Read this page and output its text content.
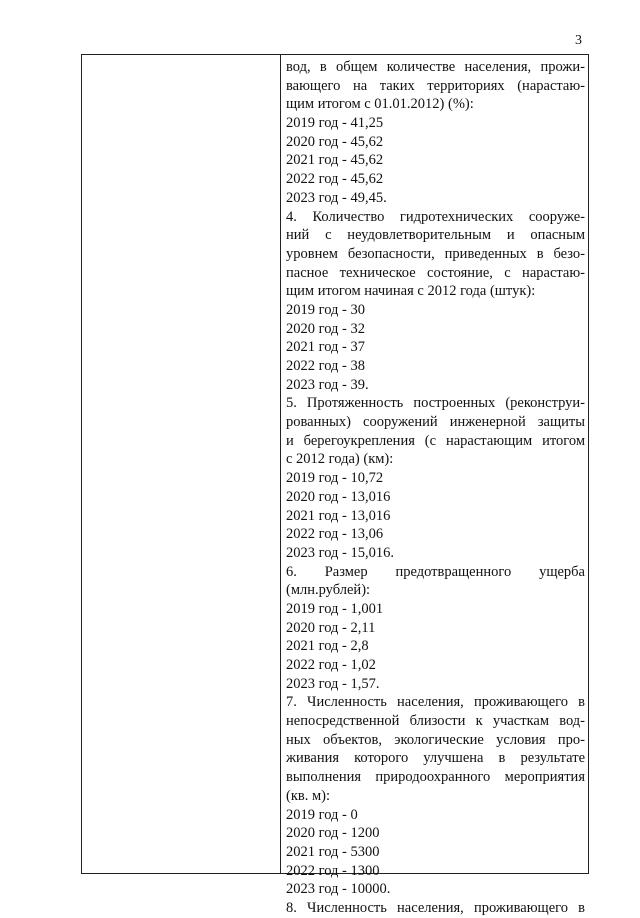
3
вод, в общем количестве населения, прожи-
вающего на таких территориях (нарастаю-
щим итогом с 01.01.2012) (%):
2019 год - 41,25
2020 год - 45,62
2021 год - 45,62
2022 год - 45,62
2023 год - 49,45.
4. Количество гидротехнических сооруже-
ний с неудовлетворительным и опасным
уровнем безопасности, приведенных в безо-
пасное техническое состояние, с нарастаю-
щим итогом начиная с 2012 года (штук):
2019 год - 30
2020 год - 32
2021 год - 37
2022 год - 38
2023 год - 39.
5. Протяженность построенных (реконструи-
рованных) сооружений инженерной защиты
и берегоукрепления (с нарастающим итогом
с 2012 года) (км):
2019 год - 10,72
2020 год - 13,016
2021 год - 13,016
2022 год - 13,06
2023 год - 15,016.
6. Размер предотвращенного ущерба
(млн.рублей):
2019 год - 1,001
2020 год - 2,11
2021 год - 2,8
2022 год - 1,02
2023 год - 1,57.
7. Численность населения, проживающего в
непосредственной близости к участкам вод-
ных объектов, экологические условия про-
живания которого улучшена в результате
выполнения природоохранного мероприятия
(кв. м):
2019 год - 0
2020 год - 1200
2021 год - 5300
2022 год - 1300
2023 год - 10000.
8. Численность населения, проживающего в
